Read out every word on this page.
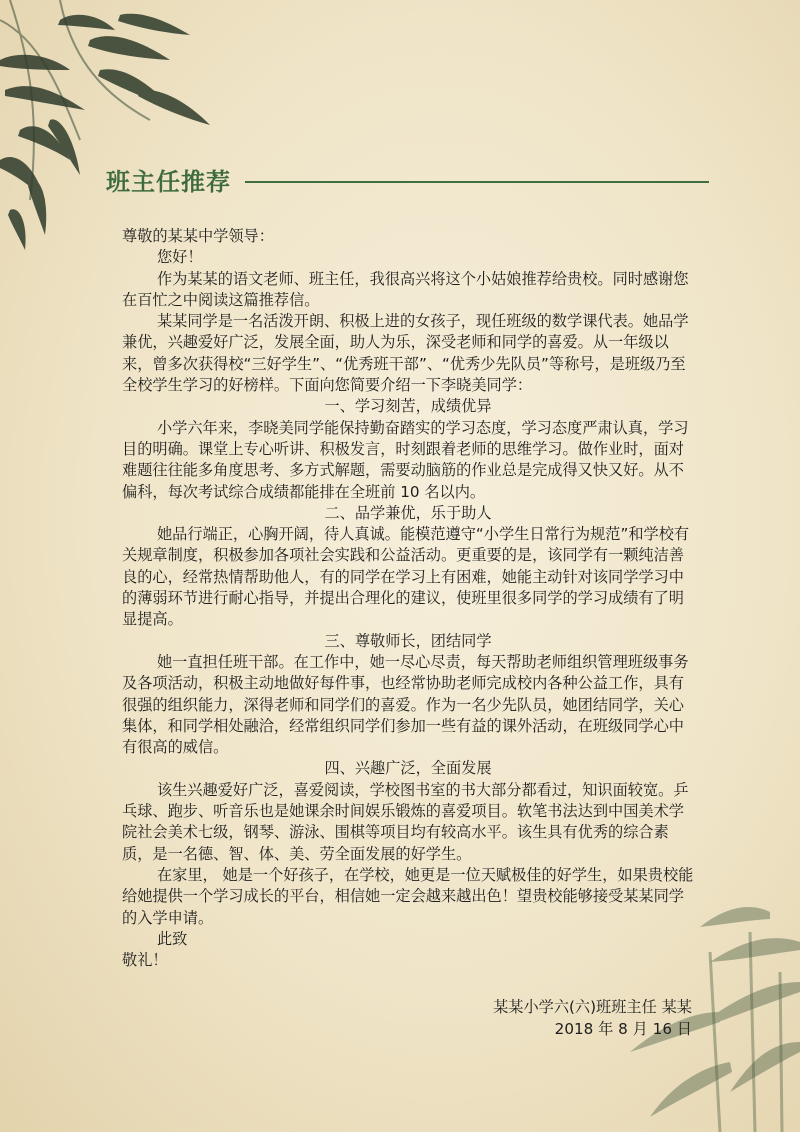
班主任推荐

尊敬的某某中学领导：

您好！

作为某某的语文老师、班主任，我很高兴将这个小姑娘推荐给贵校。同时感谢您在百忙之中阅读这篇推荐信。

某某同学是一名活泼开朗、积极上进的女孩子，现任班级的数学课代表。她品学兼优，兴趣爱好广泛，发展全面，助人为乐，深受老师和同学的喜爱。从一年级以来，曾多次获得校“三好学生”、“优秀班干部”、“优秀少先队员”等称号，是班级乃至全校学生学习的好榜样。下面向您简要介绍一下李晓美同学：

一、学习刻苦，成绩优异

小学六年来，李晓美同学能保持勤奋踏实的学习态度，学习态度严肃认真，学习目的明确。课堂上专心听讲、积极发言，时刻跟着老师的思维学习。做作业时，面对难题往往能多角度思考、多方式解题，需要动脑筋的作业总是完成得又快又好。从不偏科，每次考试综合成绩都能排在全班前 10 名以内。

二、品学兼优，乐于助人

她品行端正，心胸开阔，待人真诚。能模范遵守“小学生日常行为规范”和学校有关规章制度，积极参加各项社会实践和公益活动。更重要的是，该同学有一颗纯洁善良的心，经常热情帮助他人，有的同学在学习上有困难，她能主动针对该同学学习中的薄弱环节进行耐心指导，并提出合理化的建议，使班里很多同学的学习成绩有了明显提高。

三、尊敬师长，团结同学

她一直担任班干部。在工作中，她一尽心尽责，每天帮助老师组织管理班级事务及各项活动，积极主动地做好每件事，也经常协助老师完成校内各种公益工作，具有很强的组织能力，深得老师和同学们的喜爱。作为一名少先队员，她团结同学，关心集体，和同学相处融洽，经常组织同学们参加一些有益的课外活动，在班级同学心中有很高的威信。

四、兴趣广泛，全面发展

该生兴趣爱好广泛，喜爱阅读，学校图书室的书大部分都看过，知识面较宽。乒乓球、跑步、听音乐也是她课余时间娱乐锻炼的喜爱项目。软笔书法达到中国美术学院社会美术七级，钢琴、游泳、围棋等项目均有较高水平。该生具有优秀的综合素质，是一名德、智、体、美、劳全面发展的好学生。

在家里， 她是一个好孩子，在学校，她更是一位天赋极佳的好学生，如果贵校能给她提供一个学习成长的平台，相信她一定会越来越出色！望贵校能够接受某某同学的入学申请。

此致

敬礼！

某某小学六(六)班班主任 某某
2018 年 8 月 16 日
